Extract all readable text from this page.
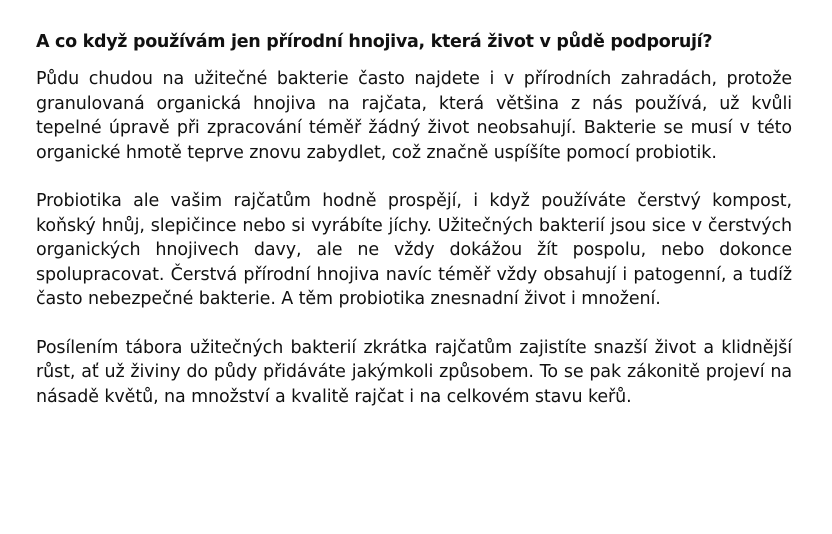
A co když používám jen přírodní hnojiva, která život v půdě podporují?

Půdu chudou na užitečné bakterie často najdete i v přírodních zahradách, protože granulovaná organická hnojiva na rajčata, která většina z nás používá, už kvůli tepelné úpravě při zpracování téměř žádný život neobsahují. Bakterie se musí v této organické hmotě teprve znovu zabydlet, což značně uspíšíte pomocí probiotik.

Probiotika ale vašim rajčatům hodně prospějí, i když používáte čerstvý kompost, koňský hnůj, slepičince nebo si vyrábíte jíchy. Užitečných bakterií jsou sice v čerstvých organických hnojivech davy, ale ne vždy dokážou žít pospolu, nebo dokonce spolupracovat. Čerstvá přírodní hnojiva navíc téměř vždy obsahují i patogenní, a tudíž často nebezpečné bakterie. A těm probiotika znesnadní život i množení.

Posílením tábora užitečných bakterií zkrátka rajčatům zajistíte snazší život a klidnější růst, ať už živiny do půdy přidáváte jakýmkoli způsobem. To se pak zákonitě projeví na násadě květů, na množství a kvalitě rajčat i na celkovém stavu keřů.
